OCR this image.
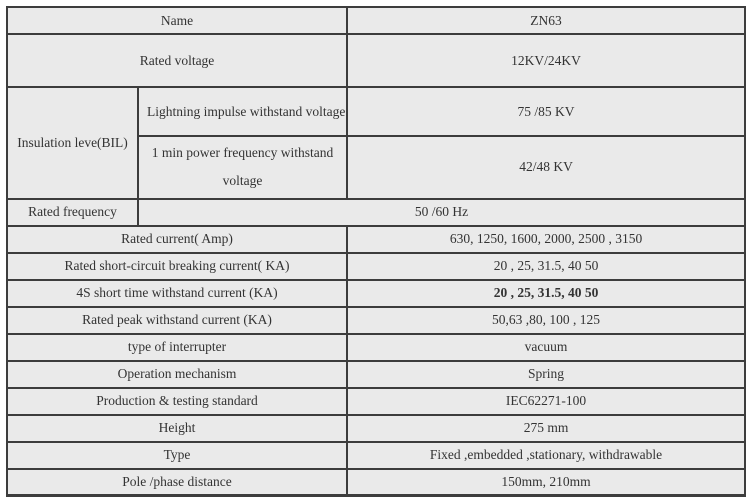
Name		ZN63
Rated voltage		12KV/24KV
Insulation leve(BIL)	Lightning impulse withstand voltage	75 /85 KV
	1 min power frequency withstand voltage	42/48 KV
Rated frequency	50 /60 Hz	
Rated current( Amp)		630, 1250, 1600, 2000, 2500 , 3150
Rated short-circuit breaking current( KA)		20 , 25, 31.5, 40 50
4S short time withstand current (KA)		20 , 25, 31.5, 40 50
Rated peak withstand current (KA)		50,63 ,80, 100 , 125
type of interrupter		vacuum
Operation mechanism		Spring
Production & testing standard		IEC62271-100
Height		275 mm
Type		Fixed ,embedded ,stationary, withdrawable
Pole /phase distance		150mm, 210mm
